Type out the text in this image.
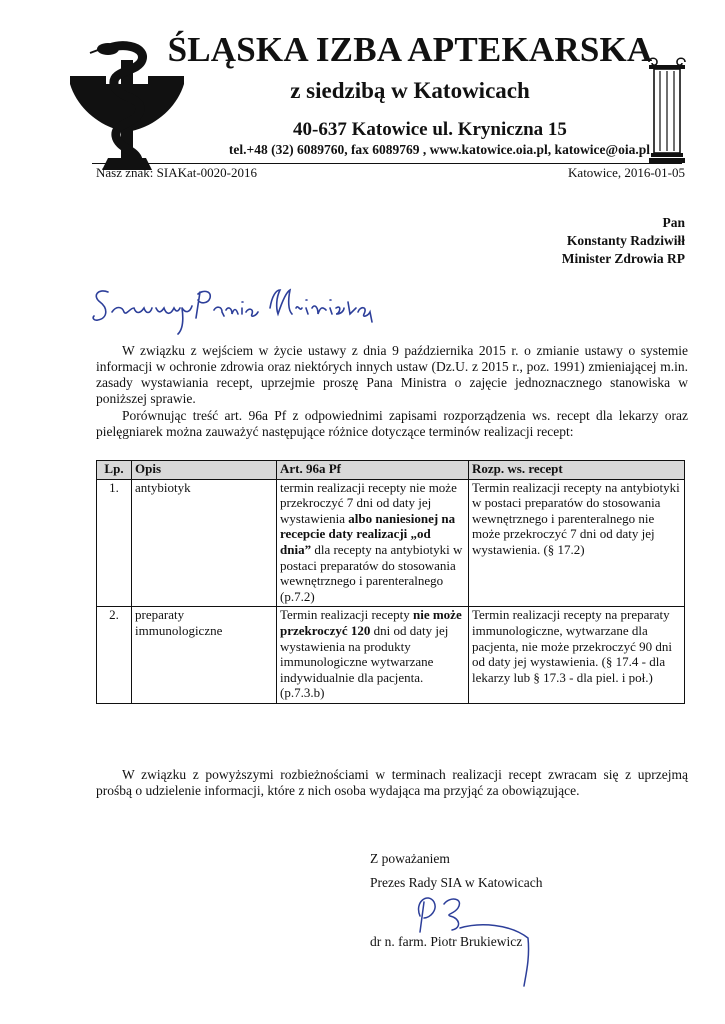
ŚLĄSKA IZBA APTEKARSKA
z siedzibą w Katowicach
40-637 Katowice ul. Kryniczna 15
tel.+48 (32) 6089760, fax 6089769 , www.katowice.oia.pl, katowice@oia.pl
Nasz znak: SIAKat-0020-2016	Katowice, 2016-01-05
Pan
Konstanty Radziwiłł
Minister Zdrowia RP

W związku z wejściem w życie ustawy z dnia 9 października 2015 r. o zmianie ustawy o systemie informacji w ochronie zdrowia oraz niektórych innych ustaw (Dz.U. z 2015 r., poz. 1991) zmieniającej m.in. zasady wystawiania recept, uprzejmie proszę Pana Ministra o zajęcie jednoznacznego stanowiska w poniższej sprawie.

Porównując treść art. 96a Pf z odpowiednimi zapisami rozporządzenia ws. recept dla lekarzy oraz pielęgniarek można zauważyć następujące różnice dotyczące terminów realizacji recept:

Lp.	Opis	Art. 96a Pf	Rozp. ws. recept
1.	antybiotyk	termin realizacji recepty nie może przekroczyć 7 dni od daty jej wystawienia albo naniesionej na recepcie daty realizacji „od dnia” dla recepty na antybiotyki w postaci preparatów do stosowania wewnętrznego i parenteralnego (p.7.2)	Termin realizacji recepty na antybiotyki w postaci preparatów do stosowania wewnętrznego i parenteralnego nie może przekroczyć 7 dni od daty jej wystawienia. (§ 17.2)
2.	preparaty immunologiczne	Termin realizacji recepty nie może przekroczyć 120 dni od daty jej wystawienia na produkty immunologiczne wytwarzane indywidualnie dla pacjenta.(p.7.3.b)	Termin realizacji recepty na preparaty immunologiczne, wytwarzane dla pacjenta, nie może przekroczyć 90 dni od daty jej wystawienia. (§ 17.4 - dla lekarzy lub § 17.3 - dla piel. i poł.)

W związku z powyższymi rozbieżnościami w terminach realizacji recept zwracam się z uprzejmą prośbą o udzielenie informacji, które z nich osoba wydająca ma przyjąć za obowiązujące.

Z poważaniem
Prezes Rady SIA w Katowicach
dr n. farm. Piotr Brukiewicz
